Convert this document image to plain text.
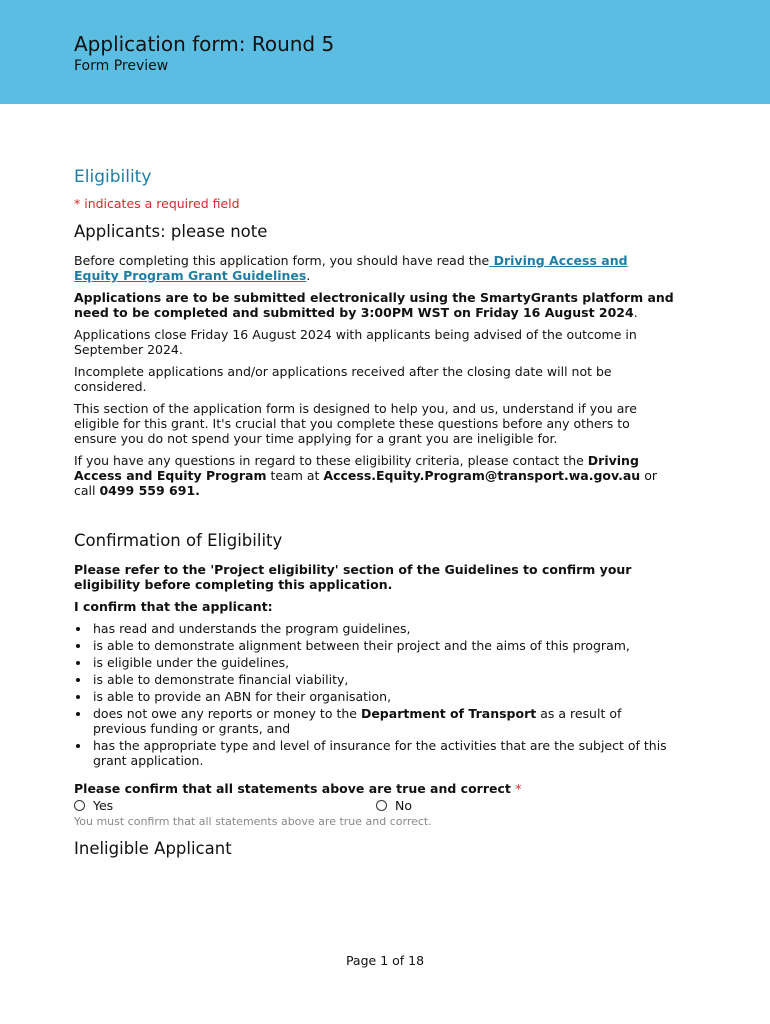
Application form: Round 5
Form Preview
Eligibility
* indicates a required field
Applicants: please note

Before completing this application form, you should have read the Driving Access and Equity Program Grant Guidelines.

Applications are to be submitted electronically using the SmartyGrants platform and need to be completed and submitted by 3:00PM WST on Friday 16 August 2024.

Applications close Friday 16 August 2024 with applicants being advised of the outcome in September 2024.

Incomplete applications and/or applications received after the closing date will not be considered.

This section of the application form is designed to help you, and us, understand if you are eligible for this grant. It's crucial that you complete these questions before any others to ensure you do not spend your time applying for a grant you are ineligible for.

If you have any questions in regard to these eligibility criteria, please contact the Driving Access and Equity Program team at Access.Equity.Program@transport.wa.gov.au or call 0499 559 691.

Confirmation of Eligibility

Please refer to the 'Project eligibility' section of the Guidelines to confirm your eligibility before completing this application.

I confirm that the applicant:

• has read and understands the program guidelines,
• is able to demonstrate alignment between their project and the aims of this program,
• is eligible under the guidelines,
• is able to demonstrate financial viability,
• is able to provide an ABN for their organisation,
• does not owe any reports or money to the Department of Transport as a result of previous funding or grants, and
• has the appropriate type and level of insurance for the activities that are the subject of this grant application.
Please confirm that all statements above are true and correct *
Yes	No
You must confirm that all statements above are true and correct.
Ineligible Applicant
Page 1 of 18
